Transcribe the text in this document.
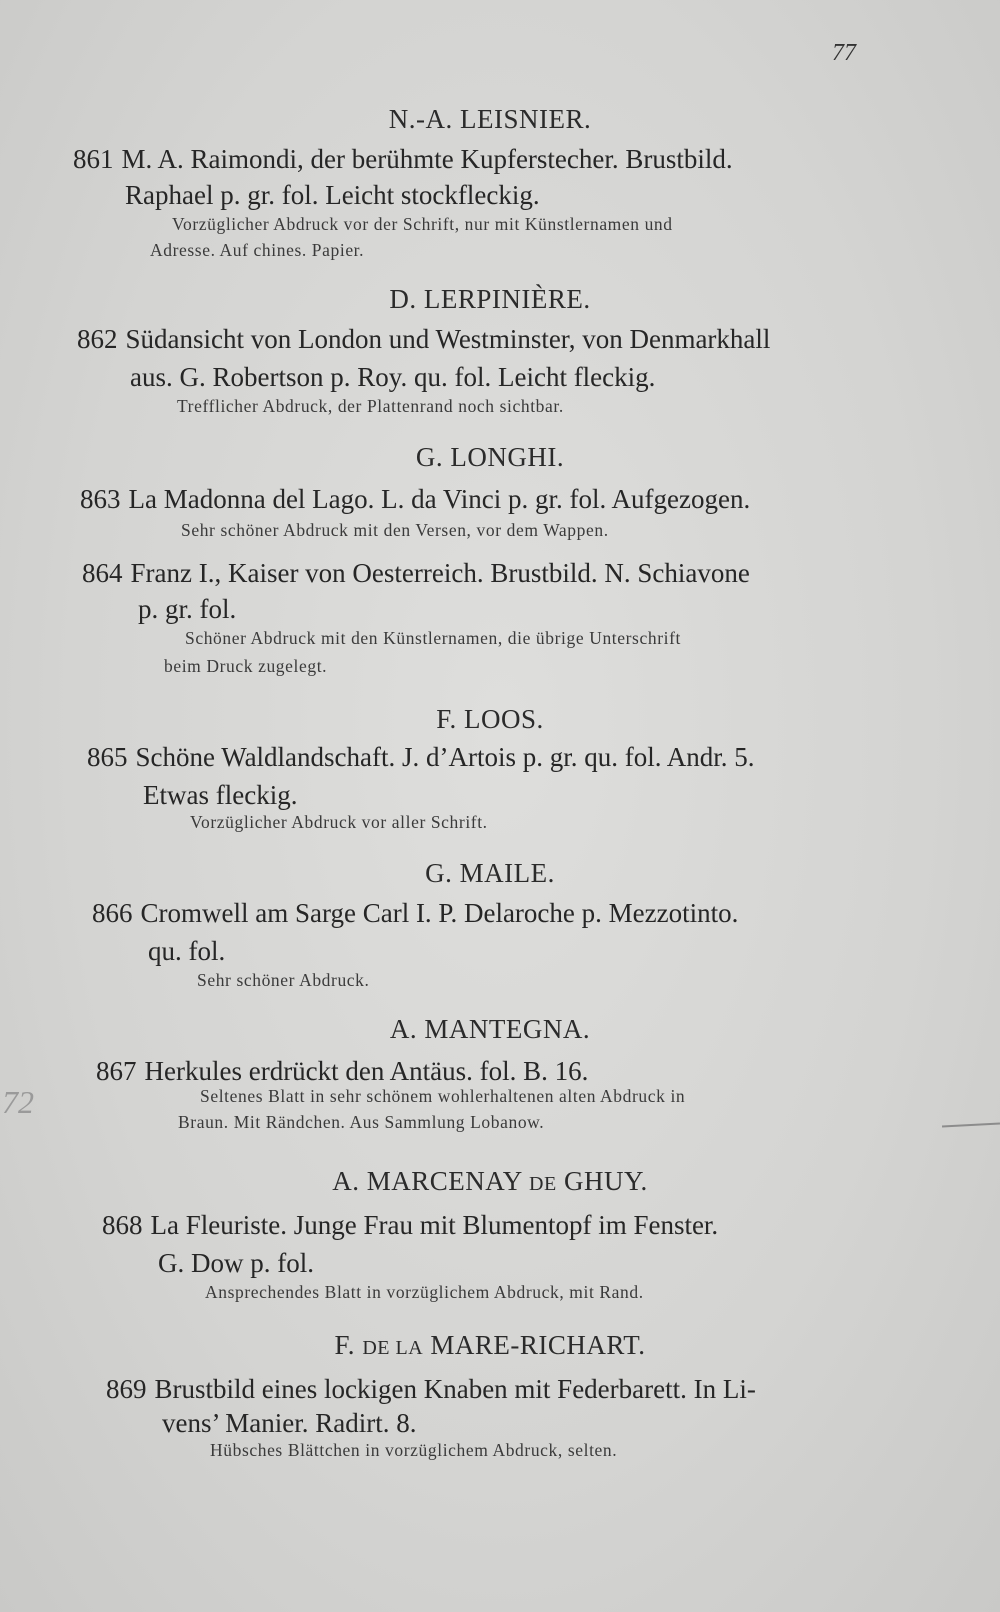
77
72
N.-A. LEISNIER.
861 M. A. Raimondi, der berühmte Kupferstecher. Brustbild.
Raphael p. gr. fol. Leicht stockfleckig.
Vorzüglicher Abdruck vor der Schrift, nur mit Künstlernamen und
Adresse. Auf chines. Papier.
D. LERPINIÈRE.
862 Südansicht von London und Westminster, von Denmarkhall
aus. G. Robertson p. Roy. qu. fol. Leicht fleckig.
Trefflicher Abdruck, der Plattenrand noch sichtbar.
G. LONGHI.
863 La Madonna del Lago. L. da Vinci p. gr. fol. Aufgezogen.
Sehr schöner Abdruck mit den Versen, vor dem Wappen.
864 Franz I., Kaiser von Oesterreich. Brustbild. N. Schiavone
p. gr. fol.
Schöner Abdruck mit den Künstlernamen, die übrige Unterschrift
beim Druck zugelegt.
F. LOOS.
865 Schöne Waldlandschaft. J. d’Artois p. gr. qu. fol. Andr. 5.
Etwas fleckig.
Vorzüglicher Abdruck vor aller Schrift.
G. MAILE.
866 Cromwell am Sarge Carl I. P. Delaroche p. Mezzotinto.
qu. fol.
Sehr schöner Abdruck.
A. MANTEGNA.
867 Herkules erdrückt den Antäus. fol. B. 16.
Seltenes Blatt in sehr schönem wohlerhaltenen alten Abdruck in
Braun. Mit Rändchen. Aus Sammlung Lobanow.
A. MARCENAY DE GHUY.
868 La Fleuriste. Junge Frau mit Blumentopf im Fenster.
G. Dow p. fol.
Ansprechendes Blatt in vorzüglichem Abdruck, mit Rand.
F. DE LA MARE-RICHART.
869 Brustbild eines lockigen Knaben mit Federbarett. In Li-
vens’ Manier. Radirt. 8.
Hübsches Blättchen in vorzüglichem Abdruck, selten.
